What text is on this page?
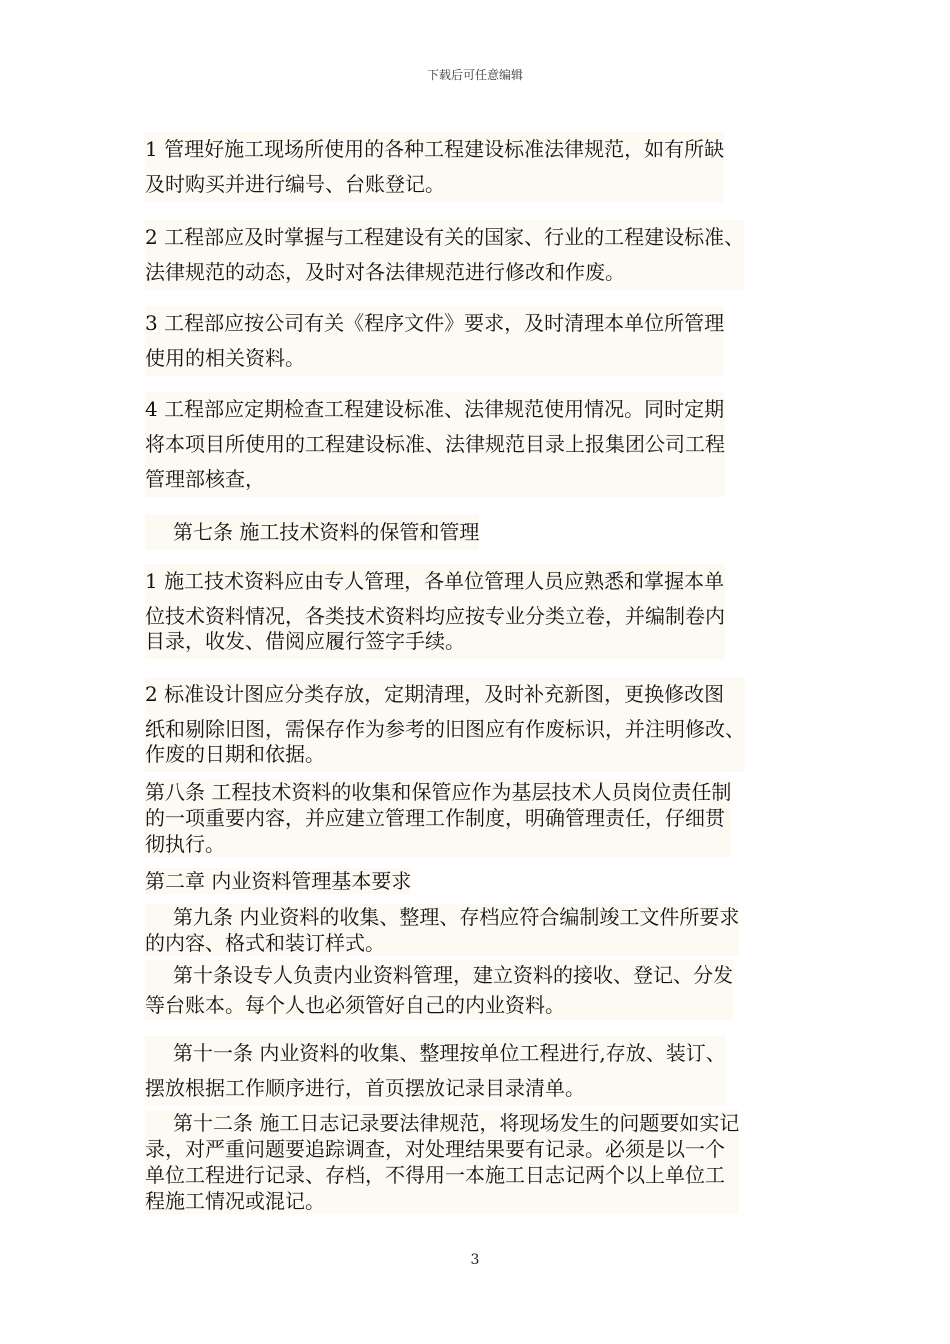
下载后可任意编辑
1 管理好施工现场所使用的各种工程建设标准法律规范，如有所缺
及时购买并进行编号、台账登记。
2 工程部应及时掌握与工程建设有关的国家、行业的工程建设标准、
法律规范的动态，及时对各法律规范进行修改和作废。
3 工程部应按公司有关《程序文件》要求，及时清理本单位所管理
使用的相关资料。
4 工程部应定期检查工程建设标准、法律规范使用情况。同时定期
将本项目所使用的工程建设标准、法律规范目录上报集团公司工程
管理部核查，
第七条 施工技术资料的保管和管理
1 施工技术资料应由专人管理，各单位管理人员应熟悉和掌握本单
位技术资料情况，各类技术资料均应按专业分类立卷，并编制卷内
目录，收发、借阅应履行签字手续。
2 标准设计图应分类存放，定期清理，及时补充新图，更换修改图
纸和剔除旧图，需保存作为参考的旧图应有作废标识，并注明修改、
作废的日期和依据。
第八条 工程技术资料的收集和保管应作为基层技术人员岗位责任制
的一项重要内容，并应建立管理工作制度，明确管理责任，仔细贯
彻执行。
第二章 内业资料管理基本要求
第九条 内业资料的收集、整理、存档应符合编制竣工文件所要求
的内容、格式和装订样式。
第十条设专人负责内业资料管理，建立资料的接收、登记、分发
等台账本。每个人也必须管好自己的内业资料。
第十一条 内业资料的收集、整理按单位工程进行,存放、装订、
摆放根据工作顺序进行，首页摆放记录目录清单。
第十二条 施工日志记录要法律规范，将现场发生的问题要如实记
录，对严重问题要追踪调查，对处理结果要有记录。必须是以一个
单位工程进行记录、存档，不得用一本施工日志记两个以上单位工
程施工情况或混记。
3
